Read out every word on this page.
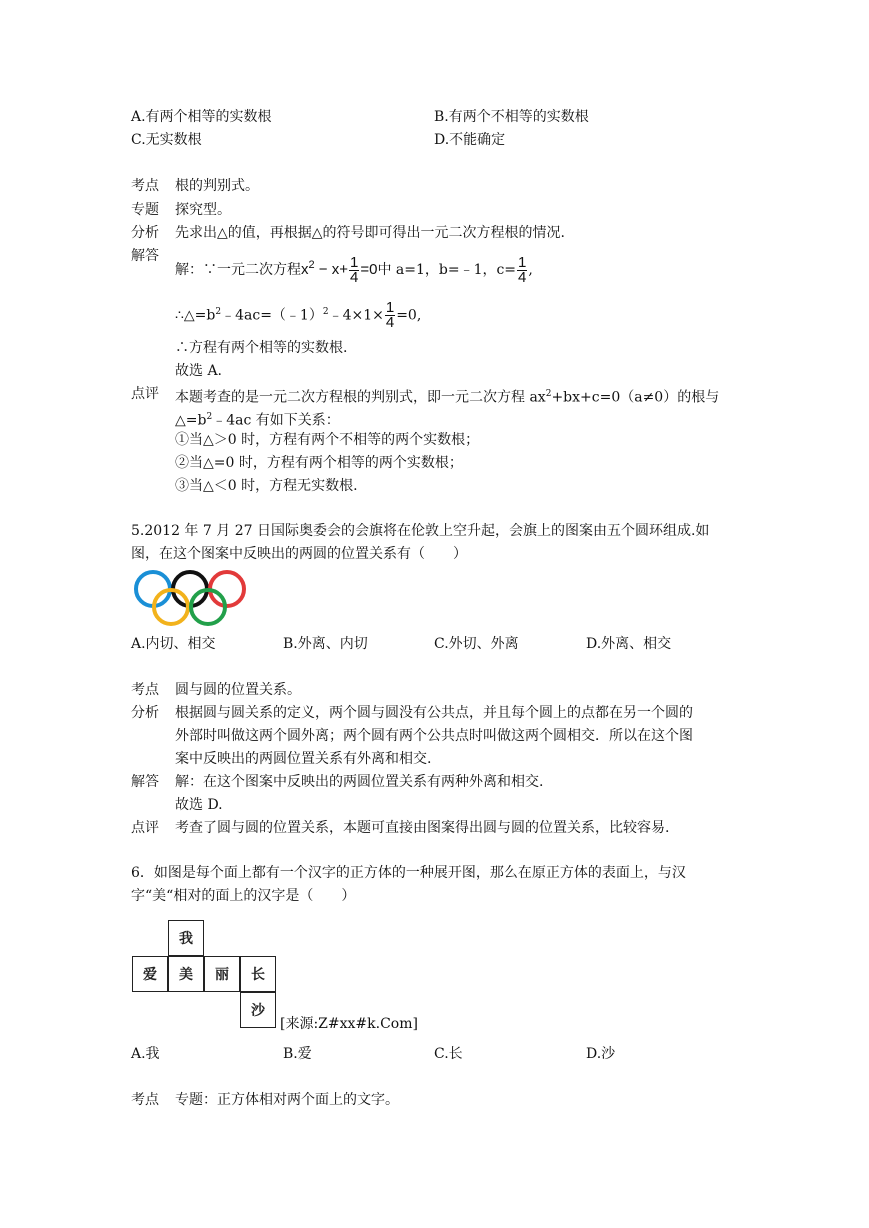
A.有两个相等的实数根	B.有两个不相等的实数根
C.无实数根	D.不能确定
考点 根的判别式。
专题 探究型。
分析 先求出△的值，再根据△的符号即可得出一元二次方程根的情况.
解答
解：∵一元二次方程$x^2 - x+ \frac{1}{4} =0$中 a=1，b=﹣1，$c= \frac{1}{4}$ ,
$\therefore\triangle=b^2﹣4ac=(﹣1)^2﹣4\times 1\times \frac{1}{4} =0$,
∴方程有两个相等的实数根.
故选 A.
点评 本题考查的是一元二次方程根的判别式，即一元二次方程 $ax^2+bx+c=0(a\ne 0)$的根与
$\triangle=b^2﹣4ac$ 有如下关系：
①当△＞0 时，方程有两个不相等的两个实数根；
②当△=0 时，方程有两个相等的两个实数根；
③当△＜0 时，方程无实数根.
5.2012 年 7 月 27 日国际奥委会的会旗将在伦敦上空升起，会旗上的图案由五个圆环组成.如
图，在这个图案中反映出的两圆的位置关系有（　　）
A.内切、相交	B.外离、内切	C.外切、外离	D.外离、相交
考点 圆与圆的位置关系。
分析 根据圆与圆关系的定义，两个圆与圆没有公共点，并且每个圆上的点都在另一个圆的
外部时叫做这两个圆外离；两个圆有两个公共点时叫做这两个圆相交．所以在这个图
案中反映出的两圆位置关系有外离和相交.
解答 解：在这个图案中反映出的两圆位置关系有两种外离和相交.
故选 D.
点评 考查了圆与圆的位置关系，本题可直接由图案得出圆与圆的位置关系，比较容易.
6．如图是每个面上都有一个汉字的正方体的一种展开图，那么在原正方体的表面上，与汉
字“美“相对的面上的汉字是（　　）
我
爱	美	丽	长
沙
[来源:Z#xx#k.Com]
A.我	B.爱	C.长	D.沙
考点 专题：正方体相对两个面上的文字。
